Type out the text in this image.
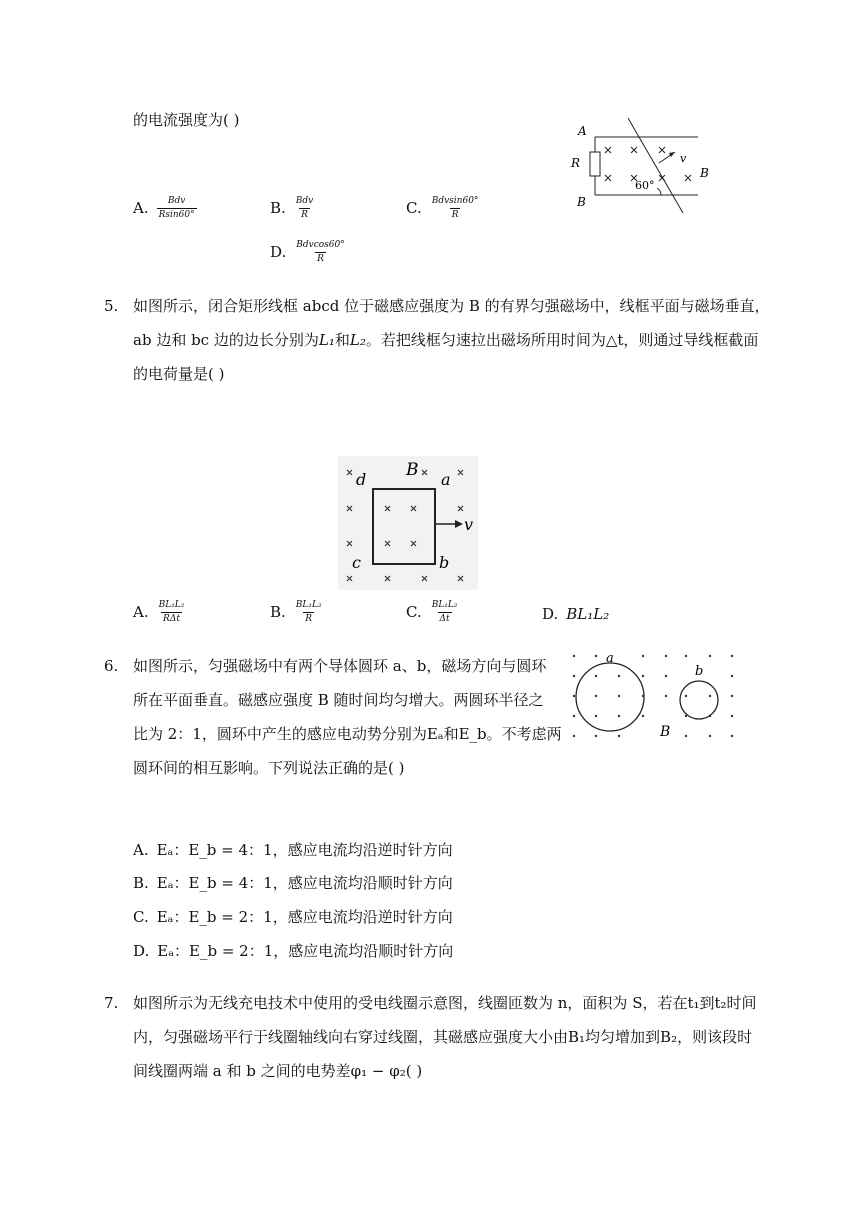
的电流强度为( )
A. $\frac{\text{Bdv}}{Rsin60^\circ}$	B. $\frac{\text{Bdv}}{R}$	C. $\frac{\text{Bdvsin60°}}{R}$
D. $\frac{\text{Bdvcos60°}}{R}$
A
R
B
v
60°
B
5. 如图所示，闭合矩形线框 abcd 位于磁感应强度为 B 的有界匀强磁场中，线框平面与磁场垂直，
ab 边和 bc 边的边长分别为L₁和L₂。若把线框匀速拉出磁场所用时间为△t，则通过导线框截面
的电荷量是( )
d B a
c	b
v
A. $\frac{\text{BL₁L₂}}{\text{RΔt}}$	B. $\frac{\text{BL₁L₂}}{R}$	C. $\frac{\text{BL₁L₂}}{\Delta t}$	D. BL₁L₂
6. 如图所示，匀强磁场中有两个导体圆环 a、b，磁场方向与圆环
所在平面垂直。磁感应强度 B 随时间均匀增大。两圆环半径之
比为 2：1，圆环中产生的感应电动势分别为Eₐ和E_b。不考虑两
圆环间的相互影响。下列说法正确的是( )
a
b
B
A. Eₐ：E_b = 4：1，感应电流均沿逆时针方向
B. Eₐ：E_b = 4：1，感应电流均沿顺时针方向
C. Eₐ：E_b = 2：1，感应电流均沿逆时针方向
D. Eₐ：E_b = 2：1，感应电流均沿顺时针方向
7. 如图所示为无线充电技术中使用的受电线圈示意图，线圈匝数为 n，面积为 S，若在t₁到t₂时间
内，匀强磁场平行于线圈轴线向右穿过线圈，其磁感应强度大小由B₁均匀增加到B₂，则该段时
间线圈两端 a 和 b 之间的电势差φ₁ − φ₂( )
